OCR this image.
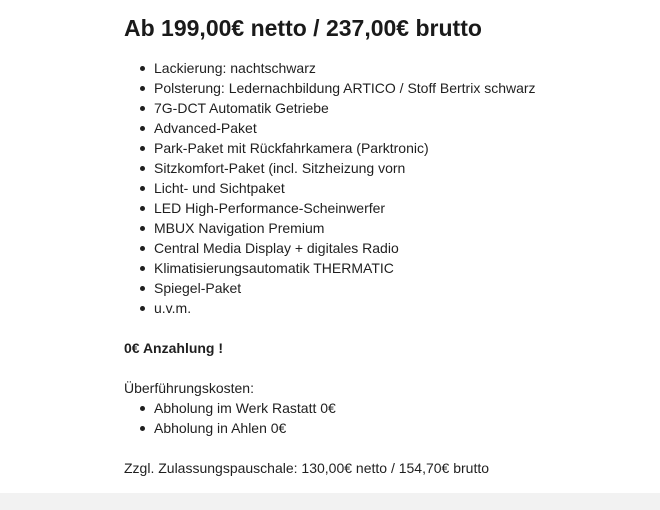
Ab 199,00€ netto / 237,00€ brutto
Lackierung: nachtschwarz
Polsterung: Ledernachbildung ARTICO / Stoff Bertrix schwarz
7G-DCT Automatik Getriebe
Advanced-Paket
Park-Paket mit Rückfahrkamera (Parktronic)
Sitzkomfort-Paket (incl. Sitzheizung vorn
Licht- und Sichtpaket
LED High-Performance-Scheinwerfer
MBUX Navigation Premium
Central Media Display + digitales Radio
Klimatisierungsautomatik THERMATIC
Spiegel-Paket
u.v.m.
0€ Anzahlung !
Überführungskosten:
Abholung im Werk Rastatt 0€
Abholung in Ahlen 0€
Zzgl. Zulassungspauschale: 130,00€ netto / 154,70€ brutto
